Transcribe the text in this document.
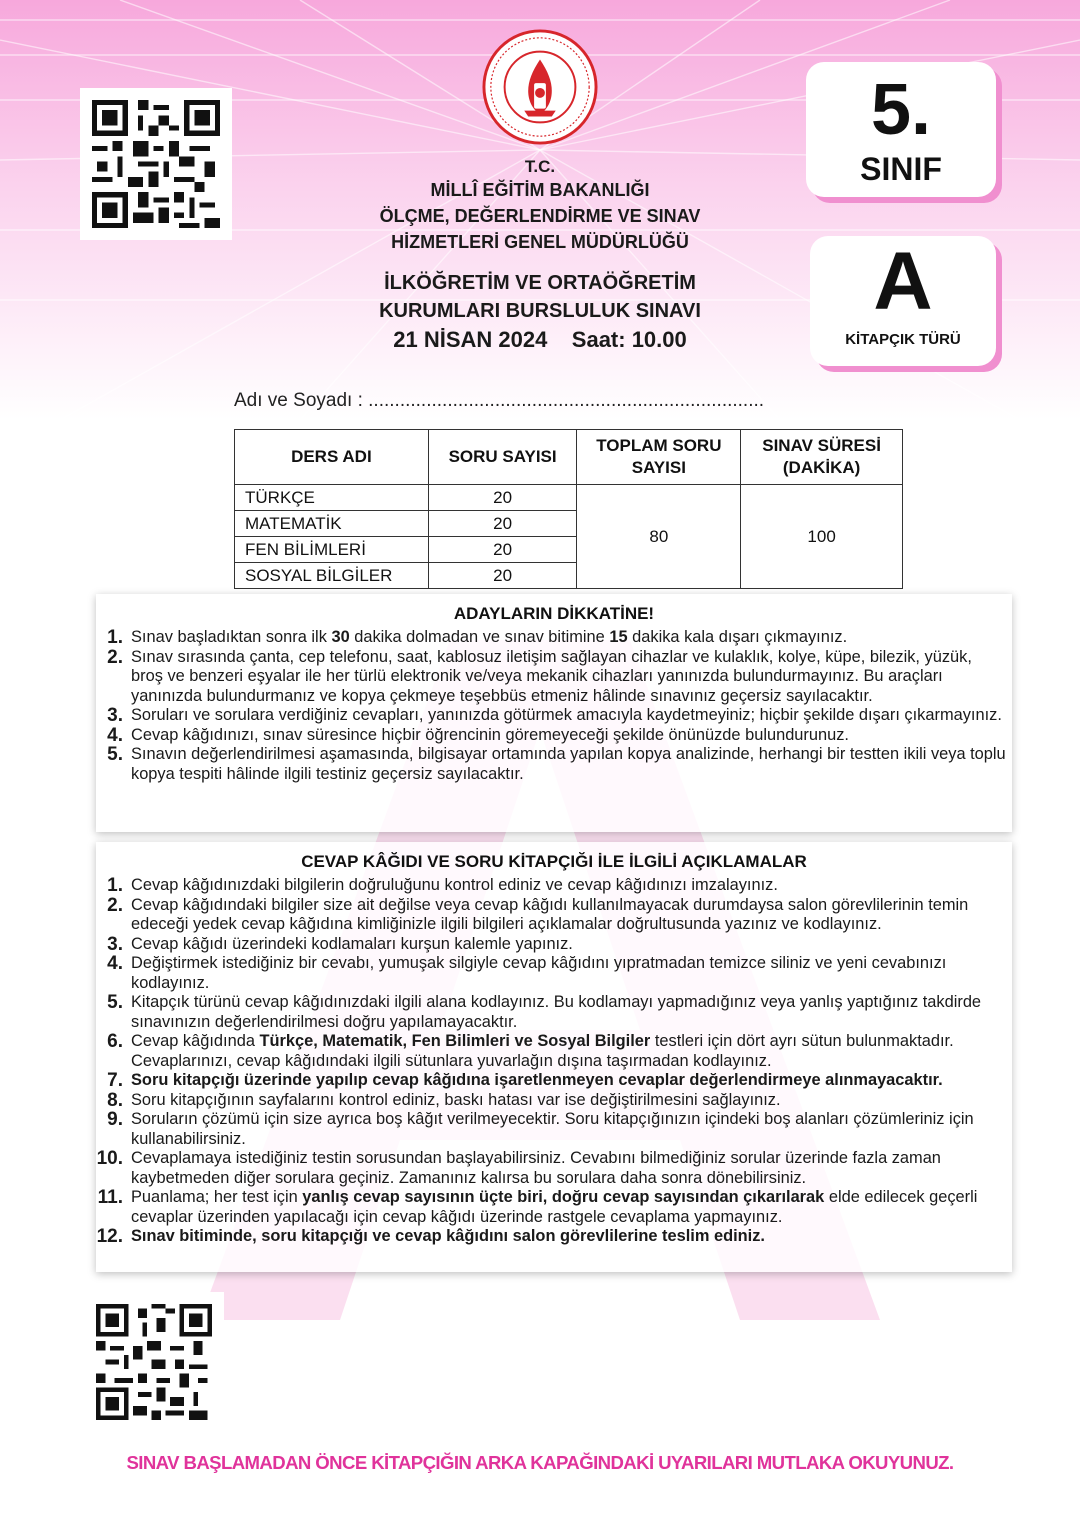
T.C.
MİLLÎ EĞİTİM BAKANLIĞI
ÖLÇME, DEĞERLENDİRME VE SINAV
HİZMETLERİ GENEL MÜDÜRLÜĞÜ
İLKÖĞRETİM VE ORTAÖĞRETİM
KURUMLARI BURSLULUK SINAVI
21 NİSAN 2024 Saat: 10.00
5.
SINIF
A
KİTAPÇIK TÜRÜ
Adı ve Soyadı : ...........................................................................
DERS ADI	SORU SAYISI	TOPLAM SORU SAYISI	SINAV SÜRESİ (DAKİKA)
TÜRKÇE	20	80	100
MATEMATİK	20		
FEN BİLİMLERİ	20		
SOSYAL BİLGİLER	20		
ADAYLARIN DİKKATİNE!
1. Sınav başladıktan sonra ilk 30 dakika dolmadan ve sınav bitimine 15 dakika kala dışarı çıkmayınız.
2. Sınav sırasında çanta, cep telefonu, saat, kablosuz iletişim sağlayan cihazlar ve kulaklık, kolye, küpe, bilezik, yüzük, broş ve benzeri eşyalar ile her türlü elektronik ve/veya mekanik cihazları yanınızda bulundurmayınız. Bu araçları yanınızda bulundurmanız ve kopya çekmeye teşebbüs etmeniz hâlinde sınavınız geçersiz sayılacaktır.
3. Soruları ve sorulara verdiğiniz cevapları, yanınızda götürmek amacıyla kaydetmeyiniz; hiçbir şekilde dışarı çıkarmayınız.
4. Cevap kâğıdınızı, sınav süresince hiçbir öğrencinin göremeyeceği şekilde önünüzde bulundurunuz.
5. Sınavın değerlendirilmesi aşamasında, bilgisayar ortamında yapılan kopya analizinde, herhangi bir testten ikili veya toplu kopya tespiti hâlinde ilgili testiniz geçersiz sayılacaktır.
CEVAP KÂĞIDI VE SORU KİTAPÇIĞI İLE İLGİLİ AÇIKLAMALAR
1. Cevap kâğıdınızdaki bilgilerin doğruluğunu kontrol ediniz ve cevap kâğıdınızı imzalayınız.
2. Cevap kâğıdındaki bilgiler size ait değilse veya cevap kâğıdı kullanılmayacak durumdaysa salon görevlilerinin temin edeceği yedek cevap kâğıdına kimliğinizle ilgili bilgileri açıklamalar doğrultusunda yazınız ve kodlayınız.
3. Cevap kâğıdı üzerindeki kodlamaları kurşun kalemle yapınız.
4. Değiştirmek istediğiniz bir cevabı, yumuşak silgiyle cevap kâğıdını yıpratmadan temizce siliniz ve yeni cevabınızı kodlayınız.
5. Kitapçık türünü cevap kâğıdınızdaki ilgili alana kodlayınız. Bu kodlamayı yapmadığınız veya yanlış yaptığınız takdirde sınavınızın değerlendirilmesi doğru yapılamayacaktır.
6. Cevap kâğıdında Türkçe, Matematik, Fen Bilimleri ve Sosyal Bilgiler testleri için dört ayrı sütun bulunmaktadır. Cevaplarınızı, cevap kâğıdındaki ilgili sütunlara yuvarlağın dışına taşırmadan kodlayınız.
7. Soru kitapçığı üzerinde yapılıp cevap kâğıdına işaretlenmeyen cevaplar değerlendirmeye alınmayacaktır.
8. Soru kitapçığının sayfalarını kontrol ediniz, baskı hatası var ise değiştirilmesini sağlayınız.
9. Soruların çözümü için size ayrıca boş kâğıt verilmeyecektir. Soru kitapçığınızın içindeki boş alanları çözümleriniz için kullanabilirsiniz.
10. Cevaplamaya istediğiniz testin sorusundan başlayabilirsiniz. Cevabını bilmediğiniz sorular üzerinde fazla zaman kaybetmeden diğer sorulara geçiniz. Zamanınız kalırsa bu sorulara daha sonra dönebilirsiniz.
11. Puanlama; her test için yanlış cevap sayısının üçte biri, doğru cevap sayısından çıkarılarak elde edilecek geçerli cevaplar üzerinden yapılacağı için cevap kâğıdı üzerinde rastgele cevaplama yapmayınız.
12. Sınav bitiminde, soru kitapçığı ve cevap kâğıdını salon görevlilerine teslim ediniz.
SINAV BAŞLAMADAN ÖNCE KİTAPÇIĞIN ARKA KAPAĞINDAKİ UYARILARI MUTLAKA OKUYUNUZ.
